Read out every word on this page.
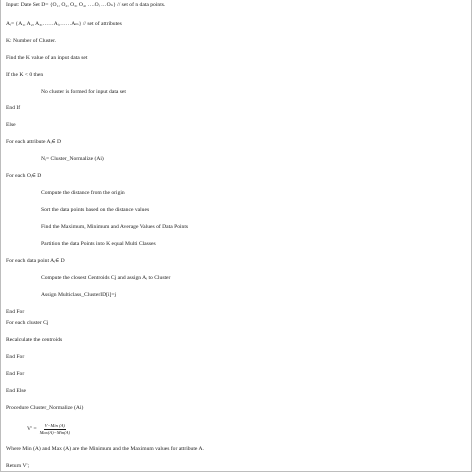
Input: Date Set D= {O₁, O₂, O₃, O₄, ….Oᵢ …Oₙ} // set of n data points.
Aᵢ= {A₁, A₂, A₃,……Aᵢ,……Aₘ} // set of attributes
K: Number of Cluster.
Find the K value of an input data set
If the K < 0 then
No cluster is formed for input data set
End If
Else
For each attribute Aᵢ∈ D
Nᵢ= Cluster_Normalize (Ai)
For each Oᵢ∈ D
Compute the distance from the origin
Sort the data points based on the distance values
Find the Maximum, Minimum and Average Values of Data Points
Partition the data Points into K equal Multi Classes
For each data point Aᵢ∈ D
Compute the closest Centroids Cj and assign Aᵢ to Cluster
Assign Multiclass_ClusterID[i]=j
End For
For each cluster Cj
Recalculate the centroids
End For
End For
End Else
Procedure Cluster_Normalize (Ai)
$V' = \frac{\text{V−Min (A)}}{\text{Max(A)−Min(A)}}$
Where Min (A) and Max (A) are the Minimum and the Maximum values for attribute A.
Return V';
